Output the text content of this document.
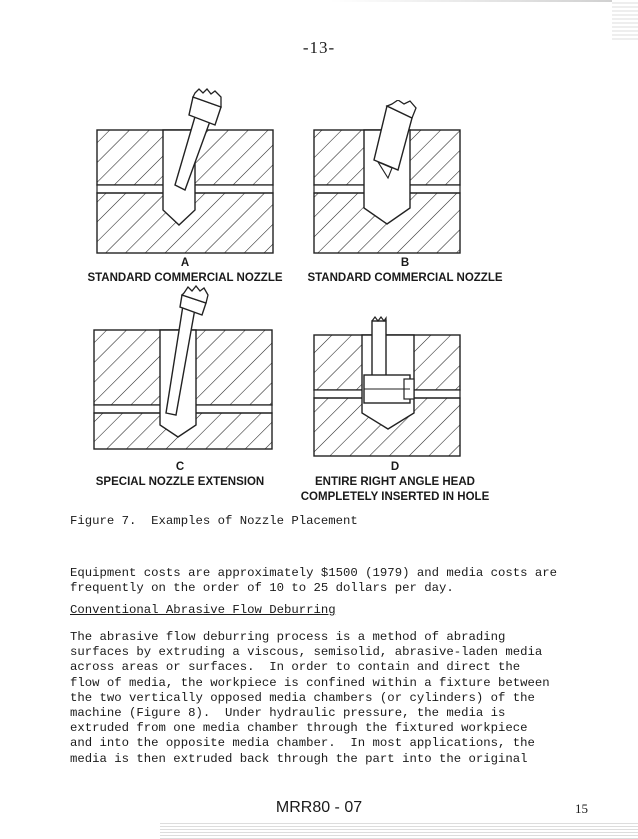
-13-
A
STANDARD COMMERCIAL NOZZLE
B
STANDARD COMMERCIAL NOZZLE
C
SPECIAL NOZZLE EXTENSION
D
ENTIRE RIGHT ANGLE HEAD
COMPLETELY INSERTED IN HOLE
Figure 7.  Examples of Nozzle Placement
Equipment costs are approximately $1500 (1979) and media costs are
frequently on the order of 10 to 25 dollars per day.
Conventional Abrasive Flow Deburring
The abrasive flow deburring process is a method of abrading
surfaces by extruding a viscous, semisolid, abrasive-laden media
across areas or surfaces.  In order to contain and direct the
flow of media, the workpiece is confined within a fixture between
the two vertically opposed media chambers (or cylinders) of the
machine (Figure 8).  Under hydraulic pressure, the media is
extruded from one media chamber through the fixtured workpiece
and into the opposite media chamber.  In most applications, the
media is then extruded back through the part into the original
MRR80 - 07	15
